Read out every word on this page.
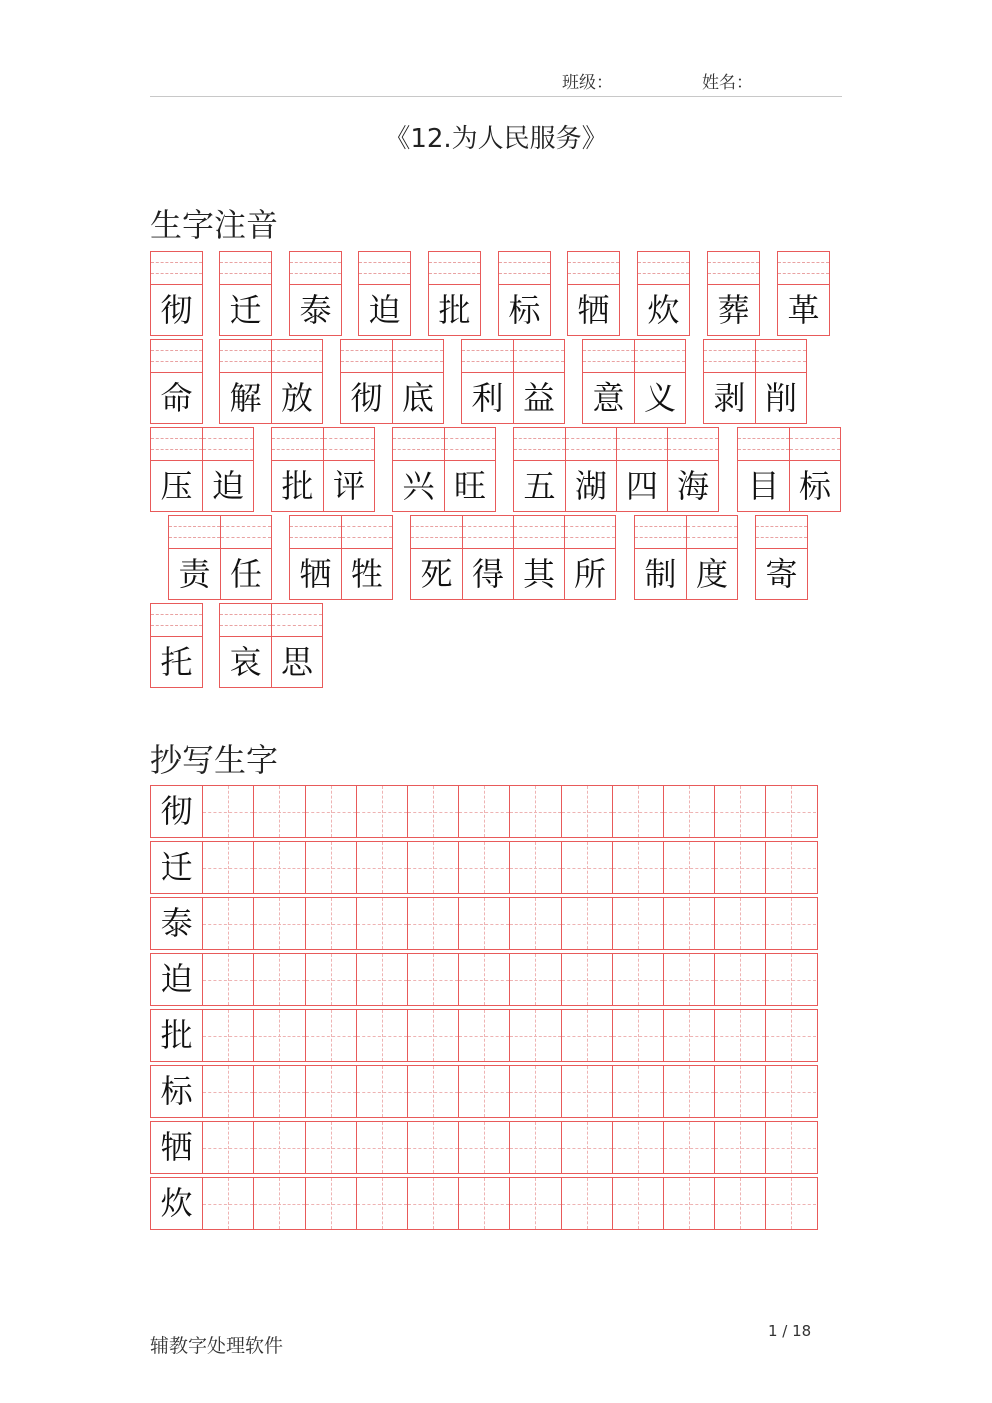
班级：	姓名：
《12.为人民服务》
生字注音
彻 迁 泰 迫 批 标 牺 炊 葬 革
命 解 放 彻 底 利 益 意 义 剥 削
压 迫 批 评 兴 旺 五 湖 四 海 目 标
责 任 牺 牲 死 得 其 所 制 度 寄
托 哀 思
抄写生字
彻
迁
泰
迫
批
标
牺
炊
辅教字处理软件
1 / 18
